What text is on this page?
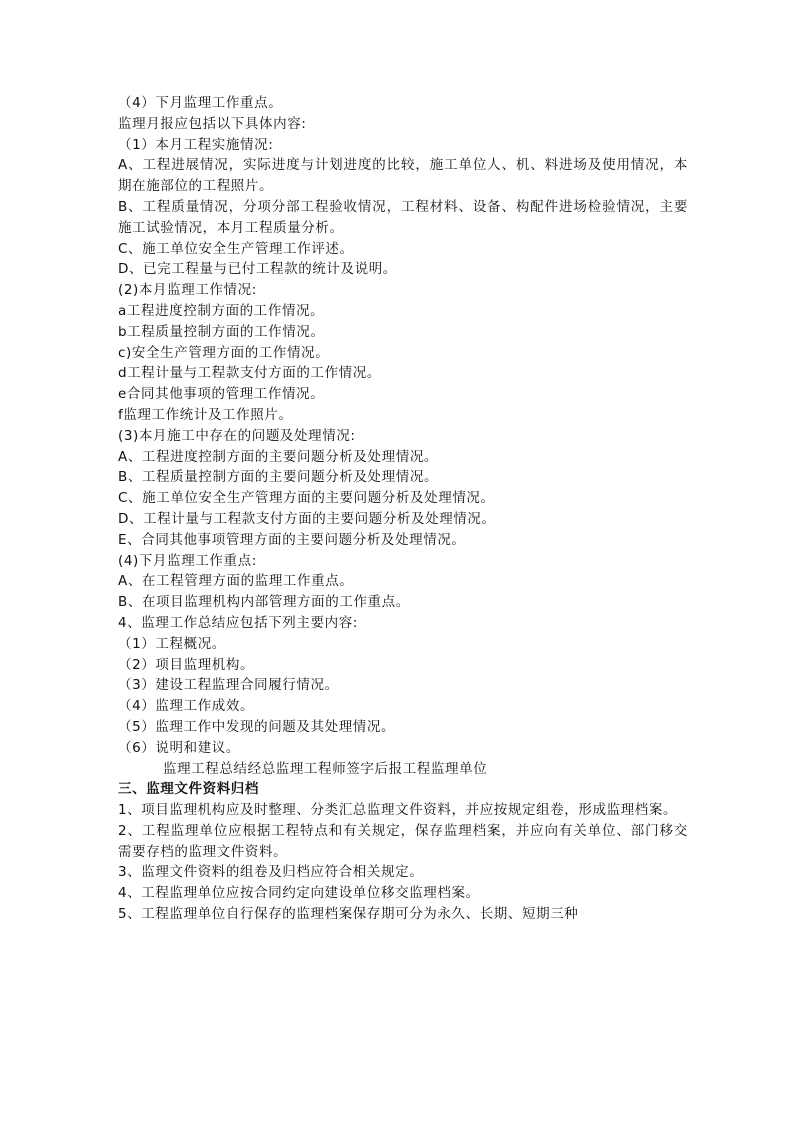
（4）下月监理工作重点。
监理月报应包括以下具体内容:
（1）本月工程实施情况:
A、工程进展情况，实际进度与计划进度的比较，施工单位人、机、料进场及使用情况，本期在施部位的工程照片。
B、工程质量情况，分项分部工程验收情况，工程材料、设备、构配件进场检验情况，主要施工试验情况，本月工程质量分析。
C、施工单位安全生产管理工作评述。
D、已完工程量与已付工程款的统计及说明。
(2)本月监理工作情况:
a工程进度控制方面的工作情况。
b工程质量控制方面的工作情况。
c)安全生产管理方面的工作情况。
d工程计量与工程款支付方面的工作情况。
e合同其他事项的管理工作情况。
f监理工作统计及工作照片。
(3)本月施工中存在的问题及处理情况:
A、工程进度控制方面的主要问题分析及处理情况。
B、工程质量控制方面的主要问题分析及处理情况。
C、施工单位安全生产管理方面的主要问题分析及处理情况。
D、工程计量与工程款支付方面的主要问题分析及处理情况。
E、合同其他事项管理方面的主要问题分析及处理情况。
(4)下月监理工作重点:
A、在工程管理方面的监理工作重点。
B、在项目监理机构内部管理方面的工作重点。
4、监理工作总结应包括下列主要内容:
（1）工程概况。
（2）项目监理机构。
（3）建设工程监理合同履行情况。
（4）监理工作成效。
（5）监理工作中发现的问题及其处理情况。
（6）说明和建议。
监理工程总结经总监理工程师签字后报工程监理单位
三、监理文件资料归档
1、项目监理机构应及时整理、分类汇总监理文件资料，并应按规定组卷，形成监理档案。
2、工程监理单位应根据工程特点和有关规定，保存监理档案，并应向有关单位、部门移交需要存档的监理文件资料。
3、监理文件资料的组卷及归档应符合相关规定。
4、工程监理单位应按合同约定向建设单位移交监理档案。
5、工程监理单位自行保存的监理档案保存期可分为永久、长期、短期三种
